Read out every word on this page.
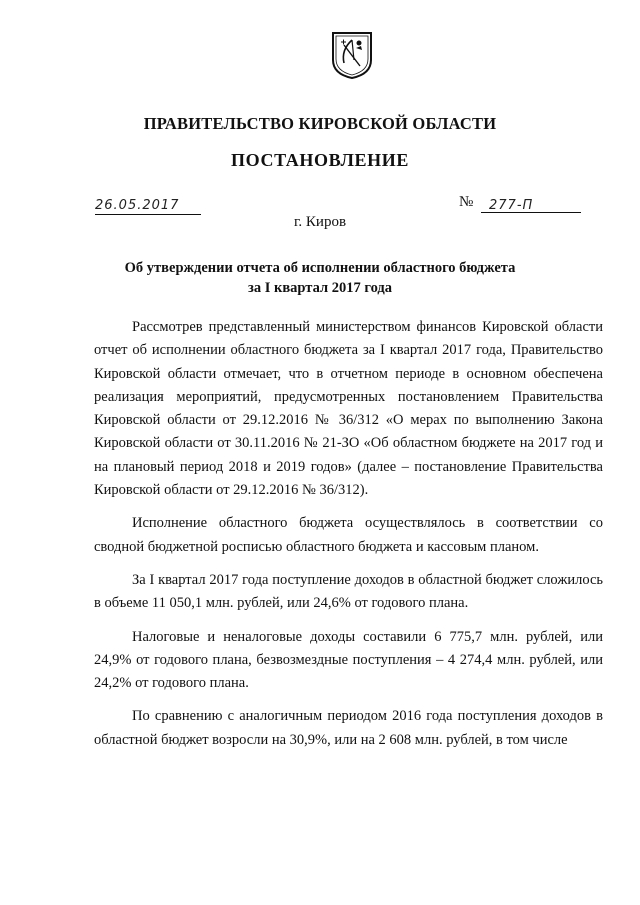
ПРАВИТЕЛЬСТВО КИРОВСКОЙ ОБЛАСТИ
ПОСТАНОВЛЕНИЕ
26.05.2017	№	277-П
г. Киров
Об утверждении отчета об исполнении областного бюджета
за I квартал 2017 года

Рассмотрев представленный министерством финансов Кировской области отчет об исполнении областного бюджета за I квартал 2017 года, Правительство Кировской области отмечает, что в отчетном периоде в основном обеспечена реализация мероприятий, предусмотренных постановлением Правительства Кировской области от 29.12.2016 № 36/312 «О мерах по выполнению Закона Кировской области от 30.11.2016 № 21-ЗО «Об областном бюджете на 2017 год и на плановый период 2018 и 2019 годов» (далее – постановление Правительства Кировской области от 29.12.2016 № 36/312).

Исполнение областного бюджета осуществлялось в соответствии со сводной бюджетной росписью областного бюджета и кассовым планом.

За I квартал 2017 года поступление доходов в областной бюджет сложилось в объеме 11 050,1 млн. рублей, или 24,6% от годового плана.

Налоговые и неналоговые доходы составили 6 775,7 млн. рублей, или 24,9% от годового плана, безвозмездные поступления – 4 274,4 млн. рублей, или 24,2% от годового плана.

По сравнению с аналогичным периодом 2016 года поступления доходов в областной бюджет возросли на 30,9%, или на 2 608 млн. рублей, в том числе
